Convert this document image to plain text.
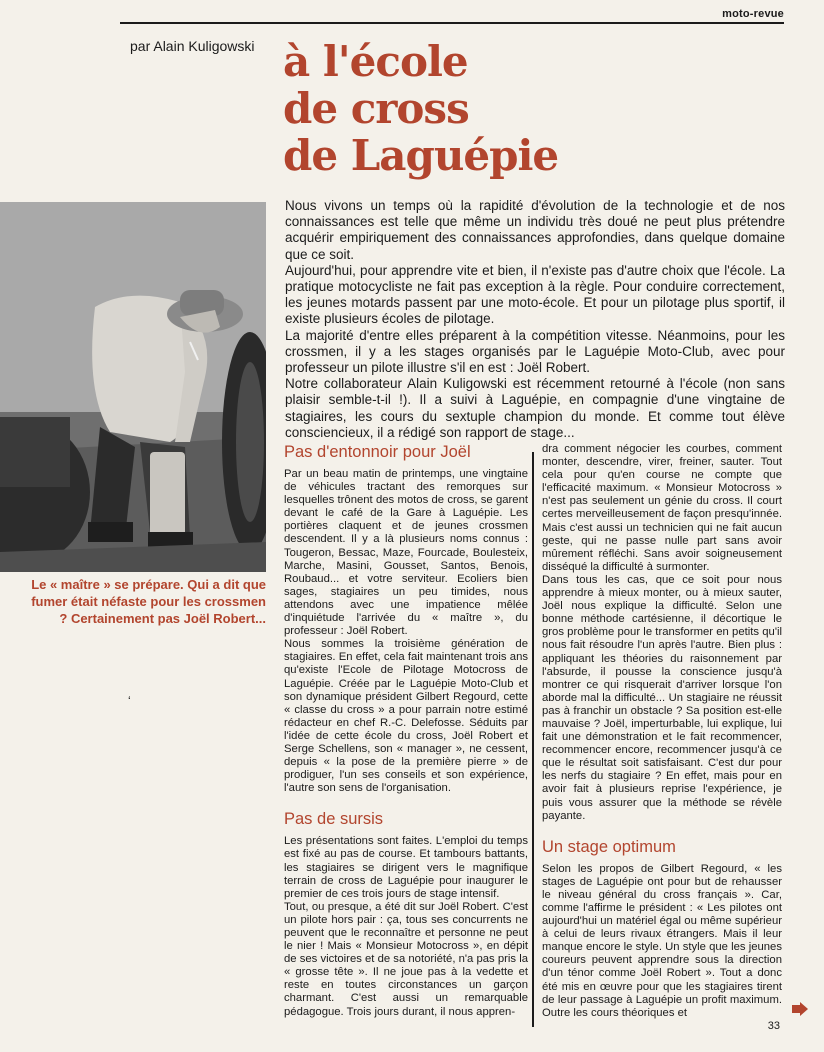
moto-revue
par Alain Kuligowski à l'école
de cross
de Laguépie
Le « maître » se prépare. Qui a dit que fumer était néfaste pour les crossmen ? Certainement pas Joël Robert...
ʻ

Nous vivons un temps où la rapidité d'évolution de la technologie et de nos connaissances est telle que même un individu très doué ne peut plus prétendre acquérir empiriquement des connaissances approfondies, dans quelque domaine que ce soit.

Aujourd'hui, pour apprendre vite et bien, il n'existe pas d'autre choix que l'école. La pratique motocycliste ne fait pas exception à la règle. Pour conduire correctement, les jeunes motards passent par une moto-école. Et pour un pilotage plus sportif, il existe plusieurs écoles de pilotage.

La majorité d'entre elles préparent à la compétition vitesse. Néanmoins, pour les crossmen, il y a les stages organisés par le Laguépie Moto-Club, avec pour professeur un pilote illustre s'il en est : Joël Robert.

Notre collaborateur Alain Kuligowski est récemment retourné à l'école (non sans plaisir semble-t-il !). Il a suivi à Laguépie, en compagnie d'une vingtaine de stagiaires, les cours du sextuple champion du monde. Et comme tout élève consciencieux, il a rédigé son rapport de stage...

Pas d'entonnoir pour Joël

Par un beau matin de printemps, une vingtaine de véhicules tractant des remorques sur lesquelles trônent des motos de cross, se garent devant le café de la Gare à Laguépie. Les portières claquent et de jeunes crossmen descendent. Il y a là plusieurs noms connus : Tougeron, Bessac, Maze, Fourcade, Boulesteix, Marche, Masini, Gousset, Santos, Benois, Roubaud... et votre serviteur. Ecoliers bien sages, stagiaires un peu timides, nous attendons avec une impatience mêlée d'inquiétude l'arrivée du « maître », du professeur : Joël Robert.

Nous sommes la troisième génération de stagiaires. En effet, cela fait maintenant trois ans qu'existe l'Ecole de Pilotage Motocross de Laguépie. Créée par le Laguépie Moto-Club et son dynamique président Gilbert Regourd, cette « classe du cross » a pour parrain notre estimé rédacteur en chef R.-C. Delefosse. Séduits par l'idée de cette école du cross, Joël Robert et Serge Schellens, son « manager », ne cessent, depuis « la pose de la première pierre » de prodiguer, l'un ses conseils et son expérience, l'autre son sens de l'organisation.

Pas de sursis

Les présentations sont faites. L'emploi du temps est fixé au pas de course. Et tambours battants, les stagiaires se dirigent vers le magnifique terrain de cross de Laguépie pour inaugurer le premier de ces trois jours de stage intensif.

Tout, ou presque, a été dit sur Joël Robert. C'est un pilote hors pair : ça, tous ses concurrents ne peuvent que le reconnaître et personne ne peut le nier ! Mais « Monsieur Motocross », en dépit de ses victoires et de sa notoriété, n'a pas pris la « grosse tête ». Il ne joue pas à la vedette et reste en toutes circonstances un garçon charmant. C'est aussi un remarquable pédagogue. Trois jours durant, il nous appren-

dra comment négocier les courbes, comment monter, descendre, virer, freiner, sauter. Tout cela pour qu'en course ne compte que l'efficacité maximum. « Monsieur Motocross » n'est pas seulement un génie du cross. Il court certes merveilleusement de façon presqu'innée. Mais c'est aussi un technicien qui ne fait aucun geste, qui ne passe nulle part sans avoir mûrement réfléchi. Sans avoir soigneusement disséqué la difficulté à surmonter.

Dans tous les cas, que ce soit pour nous apprendre à mieux monter, ou à mieux sauter, Joël nous explique la difficulté. Selon une bonne méthode cartésienne, il décortique le gros problème pour le transformer en petits qu'il nous fait résoudre l'un après l'autre. Bien plus : appliquant les théories du raisonnement par l'absurde, il pousse la conscience jusqu'à montrer ce qui risquerait d'arriver lorsque l'on aborde mal la difficulté... Un stagiaire ne réussit pas à franchir un obstacle ? Sa position est-elle mauvaise ? Joël, imperturbable, lui explique, lui fait une démonstration et le fait recommencer, recommencer encore, recommencer jusqu'à ce que le résultat soit satisfaisant. C'est dur pour les nerfs du stagiaire ? En effet, mais pour en avoir fait à plusieurs reprise l'expérience, je puis vous assurer que la méthode se révèle payante.

Un stage optimum

Selon les propos de Gilbert Regourd, « les stages de Laguépie ont pour but de rehausser le niveau général du cross français ». Car, comme l'affirme le président : « Les pilotes ont aujourd'hui un matériel égal ou même supérieur à celui de leurs rivaux étrangers. Mais il leur manque encore le style. Un style que les jeunes coureurs peuvent apprendre sous la direction d'un ténor comme Joël Robert ». Tout a donc été mis en œuvre pour que les stagiaires tirent de leur passage à Laguépie un profit maximum. Outre les cours théoriques et

33
